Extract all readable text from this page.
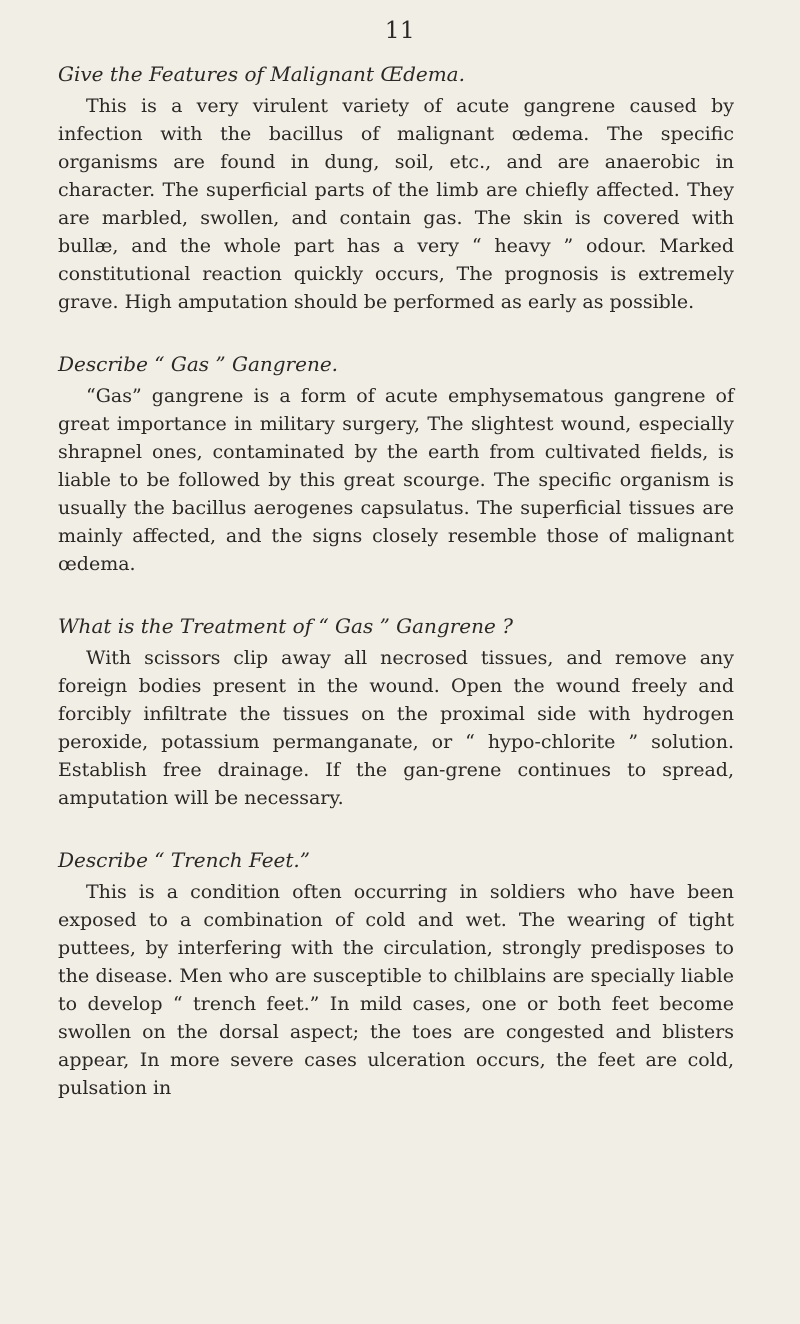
11
Give the Features of Malignant Œdema.

This is a very virulent variety of acute gangrene caused by infection with the bacillus of malignant œdema. The specific organisms are found in dung, soil, etc., and are anaerobic in character. The superficial parts of the limb are chiefly affected. They are marbled, swollen, and contain gas. The skin is covered with bullæ, and the whole part has a very “ heavy ” odour. Marked constitutional reaction quickly occurs, The prognosis is extremely grave. High amputation should be performed as early as possible.

Describe “ Gas ” Gangrene.

“Gas” gangrene is a form of acute emphysematous gangrene of great importance in military surgery, The slightest wound, especially shrapnel ones, contaminated by the earth from cultivated fields, is liable to be followed by this great scourge. The specific organism is usually the bacillus aerogenes capsulatus. The superficial tissues are mainly affected, and the signs closely resemble those of malignant œdema.

What is the Treatment of “ Gas ” Gangrene ?

With scissors clip away all necrosed tissues, and remove any foreign bodies present in the wound. Open the wound freely and forcibly infiltrate the tissues on the proximal side with hydrogen peroxide, potassium permanganate, or “ hypo-chlorite ” solution. Establish free drainage. If the gan-grene continues to spread, amputation will be necessary.

Describe “ Trench Feet.”

This is a condition often occurring in soldiers who have been exposed to a combination of cold and wet. The wearing of tight puttees, by interfering with the circulation, strongly predisposes to the disease. Men who are susceptible to chilblains are specially liable to develop “ trench feet.” In mild cases, one or both feet become swollen on the dorsal aspect; the toes are congested and blisters appear, In more severe cases ulceration occurs, the feet are cold, pulsation in
